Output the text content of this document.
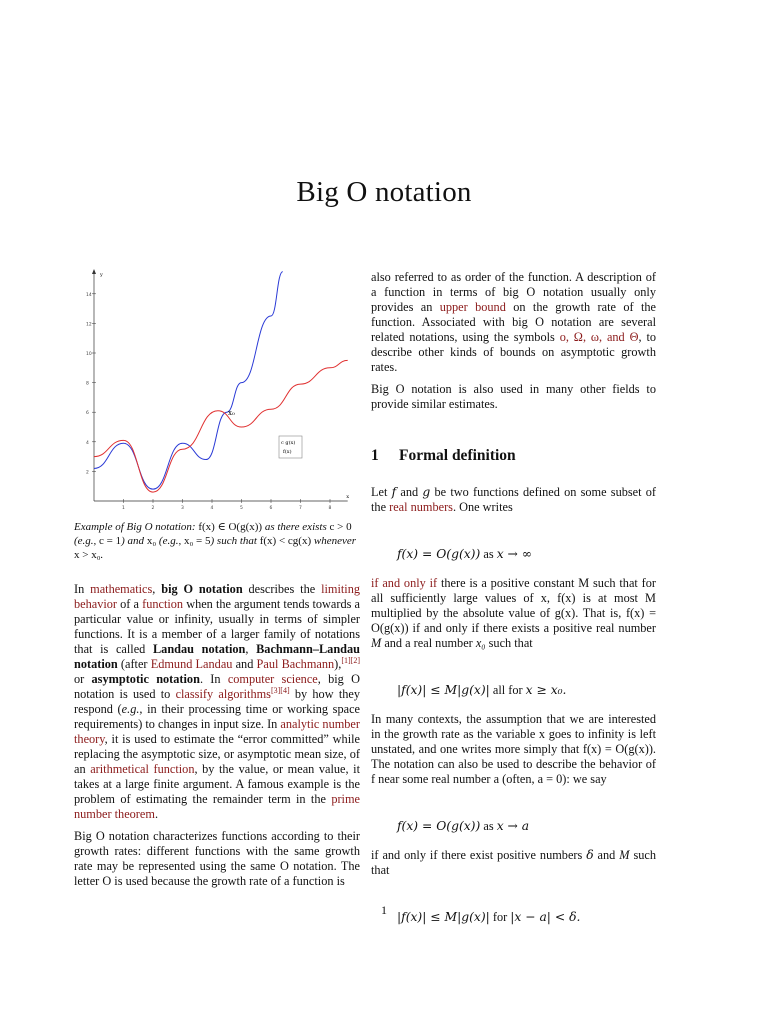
Big O notation
y
x
2
4
6
8
10
12
14
1	2	3	4	5	6	7	8
x₀
c g(x)
f(x)

Example of Big O notation: f(x) ∈ O(g(x)) as there exists c > 0 (e.g., c = 1) and x₀ (e.g., x₀ = 5) such that f(x) < cg(x) whenever x > x₀.

In mathematics, big O notation describes the limiting behavior of a function when the argument tends towards a particular value or infinity, usually in terms of simpler functions. It is a member of a larger family of notations that is called Landau notation, Bachmann–Landau notation (after Edmund Landau and Paul Bachmann),[1][2] or asymptotic notation. In computer science, big O notation is used to classify algorithms[3][4] by how they respond (e.g., in their processing time or working space requirements) to changes in input size. In analytic number theory, it is used to estimate the “error committed” while replacing the asymptotic size, or asymptotic mean size, of an arithmetical function, by the value, or mean value, it takes at a large finite argument. A famous example is the problem of estimating the remainder term in the prime number theorem.

Big O notation characterizes functions according to their growth rates: different functions with the same growth rate may be represented using the same O notation. The letter O is used because the growth rate of a function is

also referred to as order of the function. A description of a function in terms of big O notation usually only provides an upper bound on the growth rate of the function. Associated with big O notation are several related notations, using the symbols o, Ω, ω, and Θ, to describe other kinds of bounds on asymptotic growth rates.

Big O notation is also used in many other fields to provide similar estimates.

1 Formal definition

Let f and g be two functions defined on some subset of the real numbers. One writes

f(x) = O(g(x)) as x → ∞

if and only if there is a positive constant M such that for all sufficiently large values of x, f(x) is at most M multiplied by the absolute value of g(x). That is, f(x) = O(g(x)) if and only if there exists a positive real number M and a real number x₀ such that

|f(x)| ≤ M|g(x)| all for x ≥ x₀.

In many contexts, the assumption that we are interested in the growth rate as the variable x goes to infinity is left unstated, and one writes more simply that f(x) = O(g(x)). The notation can also be used to describe the behavior of f near some real number a (often, a = 0): we say

f(x) = O(g(x)) as x → a

if and only if there exist positive numbers δ and M such that

|f(x)| ≤ M|g(x)| for |x − a| < δ.

1
